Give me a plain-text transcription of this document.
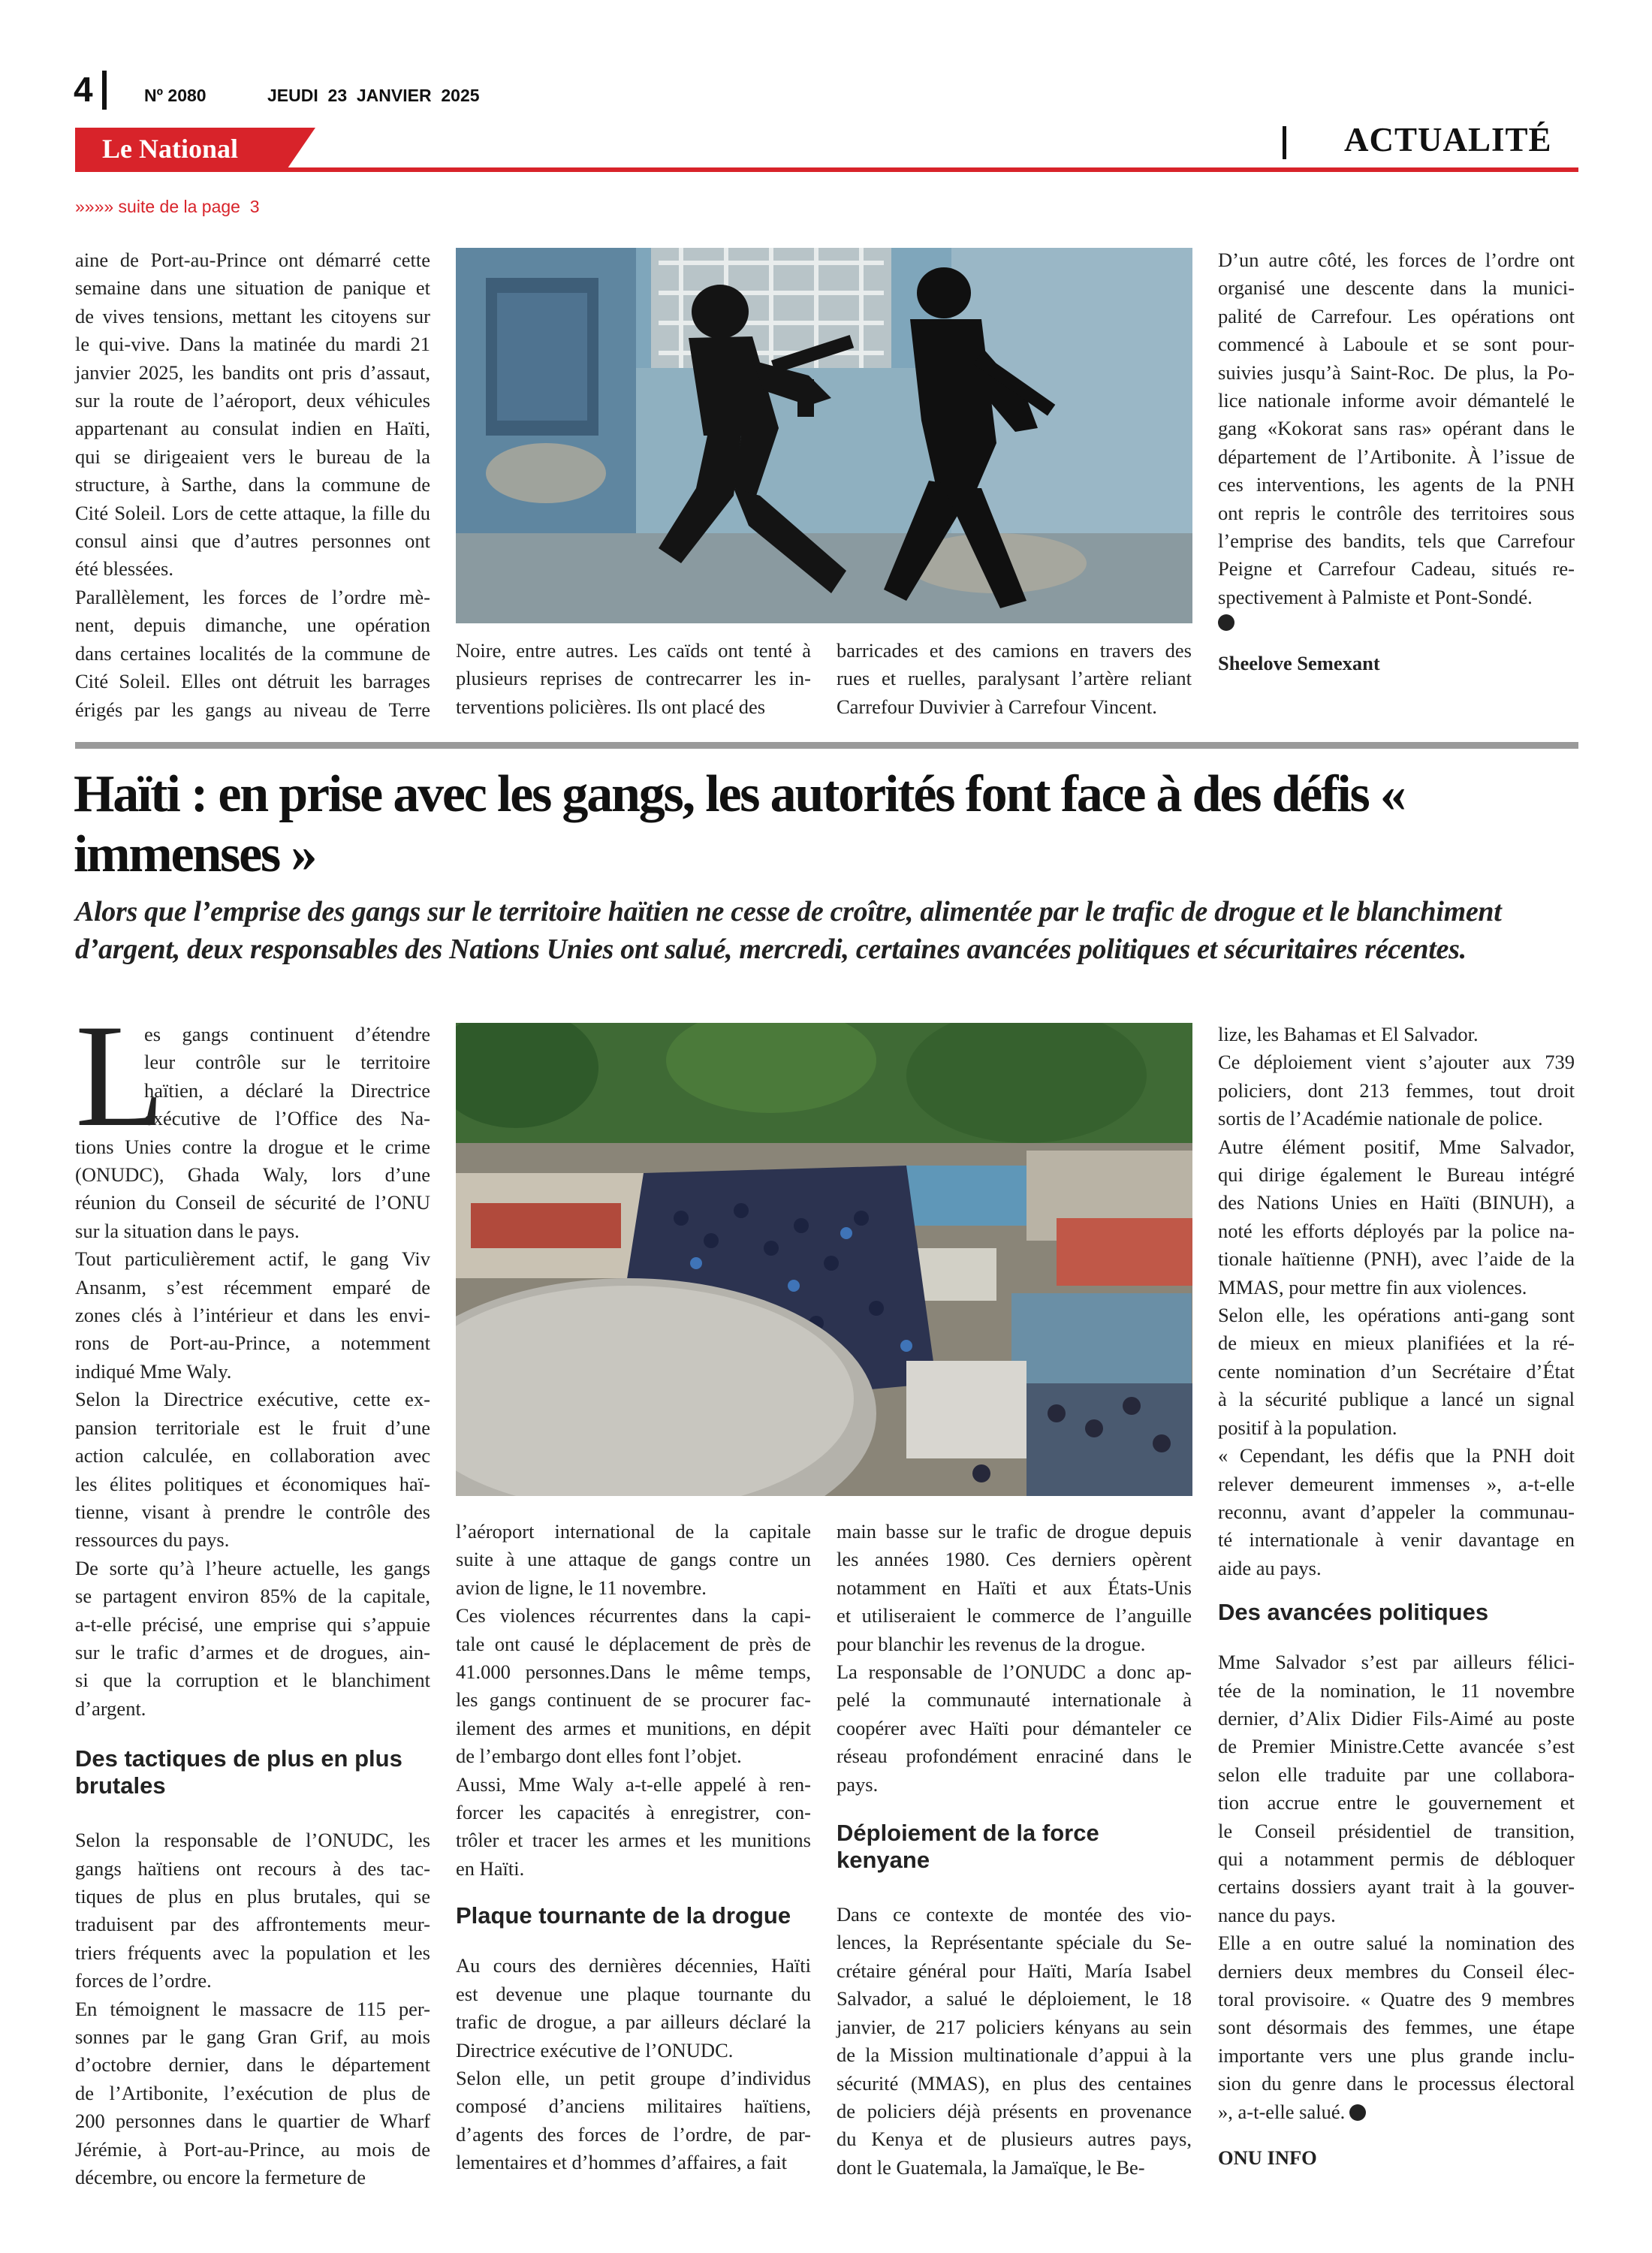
4	Nº 2080	JEUDI  23  JANVIER  2025
Le National	ACTUALITÉ
»»»» suite de la page  3
aine de Port-au-Prince ont démarré cette
semaine dans une situation de panique et
de vives tensions, mettant les citoyens sur
le qui-vive. Dans la matinée du mardi 21
janvier 2025, les bandits ont pris d’assaut,
sur la route de l’aéroport, deux véhicules
appartenant au consulat indien en Haïti,
qui se dirigeaient vers le bureau de la
structure, à Sarthe, dans la commune de
Cité Soleil. Lors de cette attaque, la fille du
consul ainsi que d’autres personnes ont
été blessées.
Parallèlement, les forces de l’ordre mè-
nent, depuis dimanche, une opération
dans certaines localités de la commune de
Cité Soleil. Elles ont détruit les barrages
érigés par les gangs au niveau de Terre
Noire, entre autres. Les caïds ont tenté à
plusieurs reprises de contrecarrer les in-
terventions policières. Ils ont placé des
barricades et des camions en travers des
rues et ruelles, paralysant l’artère reliant
Carrefour Duvivier à Carrefour Vincent.
D’un autre côté, les forces de l’ordre ont
organisé une descente dans la munici-
palité de Carrefour. Les opérations ont
commencé à Laboule et se sont pour-
suivies jusqu’à Saint-Roc. De plus, la Po-
lice nationale informe avoir démantelé le
gang «Kokorat sans ras» opérant dans le
département de l’Artibonite. À l’issue de
ces interventions, les agents de la PNH
ont repris le contrôle des territoires sous
l’emprise des bandits, tels que Carrefour
Peigne et Carrefour Cadeau, situés re-
spectivement à Palmiste et Pont-Sondé.
Sheelove Semexant
Haïti : en prise avec les gangs, les autorités font face à des défis « immenses »
Alors que l’emprise des gangs sur le territoire haïtien ne cesse de croître, alimentée par le trafic de drogue et le blanchiment d’argent, deux responsables des Nations Unies ont salué, mercredi, certaines avancées politiques et sécuritaires récentes.
L
es gangs continuent d’étendre
leur contrôle sur le territoire
haïtien, a déclaré la Directrice
exécutive de l’Office des Na-
tions Unies contre la drogue et le crime
(ONUDC), Ghada Waly, lors d’une
réunion du Conseil de sécurité de l’ONU
sur la situation dans le pays.
Tout particulièrement actif, le gang Viv
Ansanm, s’est récemment emparé de
zones clés à l’intérieur et dans les envi-
rons de Port-au-Prince, a notemment
indiqué Mme Waly.
Selon la Directrice exécutive, cette ex-
pansion territoriale est le fruit d’une
action calculée, en collaboration avec
les élites politiques et économiques haï-
tienne, visant à prendre le contrôle des
ressources du pays.
De sorte qu’à l’heure actuelle, les gangs
se partagent environ 85% de la capitale,
a-t-elle précisé, une emprise qui s’appuie
sur le trafic d’armes et de drogues, ain-
si que la corruption et le blanchiment
d’argent.
Des tactiques de plus en plus brutales
Selon la responsable de l’ONUDC, les
gangs haïtiens ont recours à des tac-
tiques de plus en plus brutales, qui se
traduisent par des affrontements meur-
triers fréquents avec la population et les
forces de l’ordre.
En témoignent le massacre de 115 per-
sonnes par le gang Gran Grif, au mois
d’octobre dernier, dans le département
de l’Artibonite, l’exécution de plus de
200 personnes dans le quartier de Wharf
Jérémie, à Port-au-Prince, au mois de
décembre, ou encore la fermeture de
l’aéroport international de la capitale
suite à une attaque de gangs contre un
avion de ligne, le 11 novembre.
Ces violences récurrentes dans la capi-
tale ont causé le déplacement de près de
41.000 personnes.Dans le même temps,
les gangs continuent de se procurer fac-
ilement des armes et munitions, en dépit
de l’embargo dont elles font l’objet.
Aussi, Mme Waly a-t-elle appelé à ren-
forcer les capacités à enregistrer, con-
trôler et tracer les armes et les munitions
en Haïti.
Plaque tournante de la drogue
Au cours des dernières décennies, Haïti
est devenue une plaque tournante du
trafic de drogue, a par ailleurs déclaré la
Directrice exécutive de l’ONUDC.
Selon elle, un petit groupe d’individus
composé d’anciens militaires haïtiens,
d’agents des forces de l’ordre, de par-
lementaires et d’hommes d’affaires, a fait
main basse sur le trafic de drogue depuis
les années 1980. Ces derniers opèrent
notamment en Haïti et aux États-Unis
et utiliseraient le commerce de l’anguille
pour blanchir les revenus de la drogue.
La responsable de l’ONUDC a donc ap-
pelé la communauté internationale à
coopérer avec Haïti pour démanteler ce
réseau profondément enraciné dans le
pays.
Déploiement de la force kenyane
Dans ce contexte de montée des vio-
lences, la Représentante spéciale du Se-
crétaire général pour Haïti, María Isabel
Salvador, a salué le déploiement, le 18
janvier, de 217 policiers kényans au sein
de la Mission multinationale d’appui à la
sécurité (MMAS), en plus des centaines
de policiers déjà présents en provenance
du Kenya et de plusieurs autres pays,
dont le Guatemala, la Jamaïque, le Be-
lize, les Bahamas et El Salvador.
Ce déploiement vient s’ajouter aux 739
policiers, dont 213 femmes, tout droit
sortis de l’Académie nationale de police.
Autre élément positif, Mme Salvador,
qui dirige également le Bureau intégré
des Nations Unies en Haïti (BINUH), a
noté les efforts déployés par la police na-
tionale haïtienne (PNH), avec l’aide de la
MMAS, pour mettre fin aux violences.
Selon elle, les opérations anti-gang sont
de mieux en mieux planifiées et la ré-
cente nomination d’un Secrétaire d’État
à la sécurité publique a lancé un signal
positif à la population.
« Cependant, les défis que la PNH doit
relever demeurent immenses », a-t-elle
reconnu, avant d’appeler la communau-
té internationale à venir davantage en
aide au pays.
Des avancées politiques
Mme Salvador s’est par ailleurs félici-
tée de la nomination, le 11 novembre
dernier, d’Alix Didier Fils-Aimé au poste
de Premier Ministre.Cette avancée s’est
selon elle traduite par une collabora-
tion accrue entre le gouvernement et
le Conseil présidentiel de transition,
qui a notamment permis de débloquer
certains dossiers ayant trait à la gouver-
nance du pays.
Elle a en outre salué la nomination des
derniers deux membres du Conseil élec-
toral provisoire. « Quatre des 9 membres
sont désormais des femmes, une étape
importante vers une plus grande inclu-
sion du genre dans le processus électoral
», a-t-elle salué.
ONU INFO
